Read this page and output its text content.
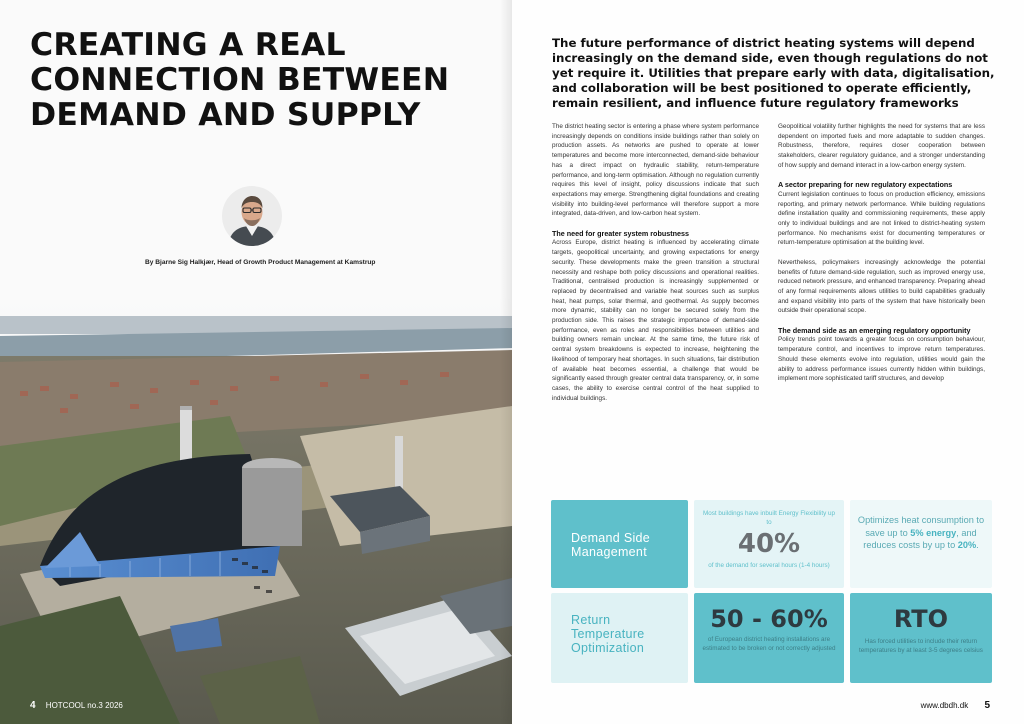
CREATING A REAL
CONNECTION BETWEEN
DEMAND AND SUPPLY
By Bjarne Sig Halkjær, Head of Growth Product Management at Kamstrup
4 HOTCOOL no.3 2026

The future performance of district heating systems will depend increasingly on the demand side, even though regulations do not yet require it. Utilities that prepare early with data, digitalisation, and collaboration will be best positioned to operate efficiently, remain resilient, and influence future regulatory frameworks

The district heating sector is entering a phase where system performance increasingly depends on conditions inside buildings rather than solely on production assets. As networks are pushed to operate at lower temperatures and become more interconnected, demand-side behaviour has a direct impact on hydraulic stability, return-temperature performance, and long-term optimisation. Although no regulation currently requires this level of insight, policy discussions indicate that such expectations may emerge. Strengthening digital foundations and creating visibility into building-level performance will therefore support a more integrated, data-driven, and low-carbon heat system.

The need for greater system robustness

Across Europe, district heating is influenced by accelerating climate targets, geopolitical uncertainty, and growing expectations for energy security. These developments make the green transition a structural necessity and reshape both policy discussions and operational realities. Traditional, centralised production is increasingly supplemented or replaced by decentralised and variable heat sources such as surplus heat, heat pumps, solar thermal, and geothermal. As supply becomes more dynamic, stability can no longer be secured solely from the production side. This raises the strategic importance of demand-side performance, even as roles and responsibilities between utilities and building owners remain unclear. At the same time, the future risk of central system breakdowns is expected to increase, heightening the likelihood of temporary heat shortages. In such situations, fair distribution of available heat becomes essential, a challenge that would be significantly eased through greater central data transparency, or, in some cases, the ability to exercise central control of the heat supplied to individual buildings.

Geopolitical volatility further highlights the need for systems that are less dependent on imported fuels and more adaptable to sudden changes. Robustness, therefore, requires closer cooperation between stakeholders, clearer regulatory guidance, and a stronger understanding of how supply and demand interact in a low-carbon energy system.

A sector preparing for new regulatory expectations

Current legislation continues to focus on production efficiency, emissions reporting, and primary network performance. While building regulations define installation quality and commissioning requirements, these apply only to individual buildings and are not linked to district-heating system performance. No mechanisms exist for documenting temperatures or return-temperature optimisation at the building level.

Nevertheless, policymakers increasingly acknowledge the potential benefits of future demand-side regulation, such as improved energy use, reduced network pressure, and enhanced transparency. Preparing ahead of any formal requirements allows utilities to build capabilities gradually and expand visibility into parts of the system that have historically been outside their operational scope.

The demand side as an emerging regulatory opportunity

Policy trends point towards a greater focus on consumption behaviour, temperature control, and incentives to improve return temperatures. Should these elements evolve into regulation, utilities would gain the ability to address performance issues currently hidden within buildings, implement more sophisticated tariff structures, and develop

Demand Side Management
Most buildings have inbuilt Energy Flexibility up to
40%
of the demand for several hours (1-4 hours)
Optimizes heat consumption to save up to 5% energy, and reduces costs by up to 20%.
Return Temperature Optimization
50 - 60%
of European district heating installations are estimated to be broken or not correctly adjusted
RTO
Has forced utilities to include their return temperatures by at least 3-5 degrees celsius
www.dbdh.dk 5
